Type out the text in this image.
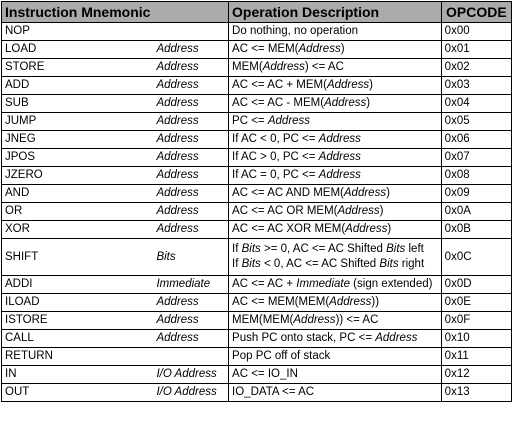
Instruction Mnemonic		Operation Description	OPCODE
NOP		Do nothing, no operation	0x00
LOAD	Address	AC <= MEM(Address)	0x01
STORE	Address	MEM(Address) <= AC	0x02
ADD	Address	AC <= AC + MEM(Address)	0x03
SUB	Address	AC <= AC - MEM(Address)	0x04
JUMP	Address	PC <= Address	0x05
JNEG	Address	If AC < 0, PC <= Address	0x06
JPOS	Address	If AC > 0, PC <= Address	0x07
JZERO	Address	If AC = 0, PC <= Address	0x08
AND	Address	AC <= AC AND MEM(Address)	0x09
OR	Address	AC <= AC OR MEM(Address)	0x0A
XOR	Address	AC <= AC XOR MEM(Address)	0x0B
SHIFT	Bits	If Bits >= 0, AC <= AC Shifted Bits left
If Bits < 0, AC <= AC Shifted Bits right	0x0C
ADDI	Immediate	AC <= AC + Immediate (sign extended)	0x0D
ILOAD	Address	AC <= MEM(MEM(Address))	0x0E
ISTORE	Address	MEM(MEM(Address)) <= AC	0x0F
CALL	Address	Push PC onto stack, PC <= Address	0x10
RETURN		Pop PC off of stack	0x11
IN	I/O Address	AC <= IO_IN	0x12
OUT	I/O Address	IO_DATA <= AC	0x13
